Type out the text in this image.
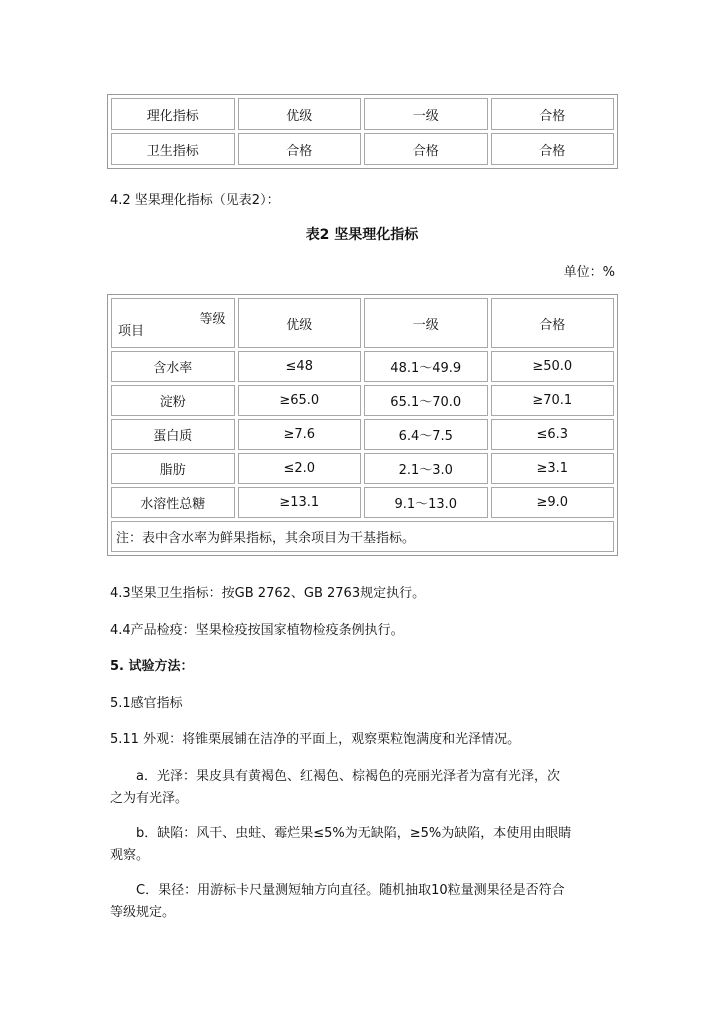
理化指标	优级	一级	合格
卫生指标	合格	合格	合格
4.2 坚果理化指标（见表2）：
表2 坚果理化指标
单位：%
等级
项目	优级	一级	合格
含水率	≤48	48.1～49.9	≥50.0
淀粉	≥65.0	65.1～70.0	≥70.1
蛋白质	≥7.6	6.4～7.5	≤6.3
脂肪	≤2.0	2.1～3.0	≥3.1
水溶性总糖	≥13.1	9.1～13.0	≥9.0
注：表中含水率为鲜果指标，其余项目为干基指标。			
4.3坚果卫生指标：按GB 2762、GB 2763规定执行。
4.4产品检疫：坚果检疫按国家植物检疫条例执行。
5. 试验方法：
5.1感官指标
5.11 外观：将锥栗展铺在洁净的平面上，观察栗粒饱满度和光泽情况。
a．光泽：果皮具有黄褐色、红褐色、棕褐色的亮丽光泽者为富有光泽，次
之为有光泽。
b．缺陷：风干、虫蛀、霉烂果≤5%为无缺陷，≥5%为缺陷，本使用由眼睛
观察。
C．果径：用游标卡尺量测短轴方向直径。随机抽取10粒量测果径是否符合
等级规定。
